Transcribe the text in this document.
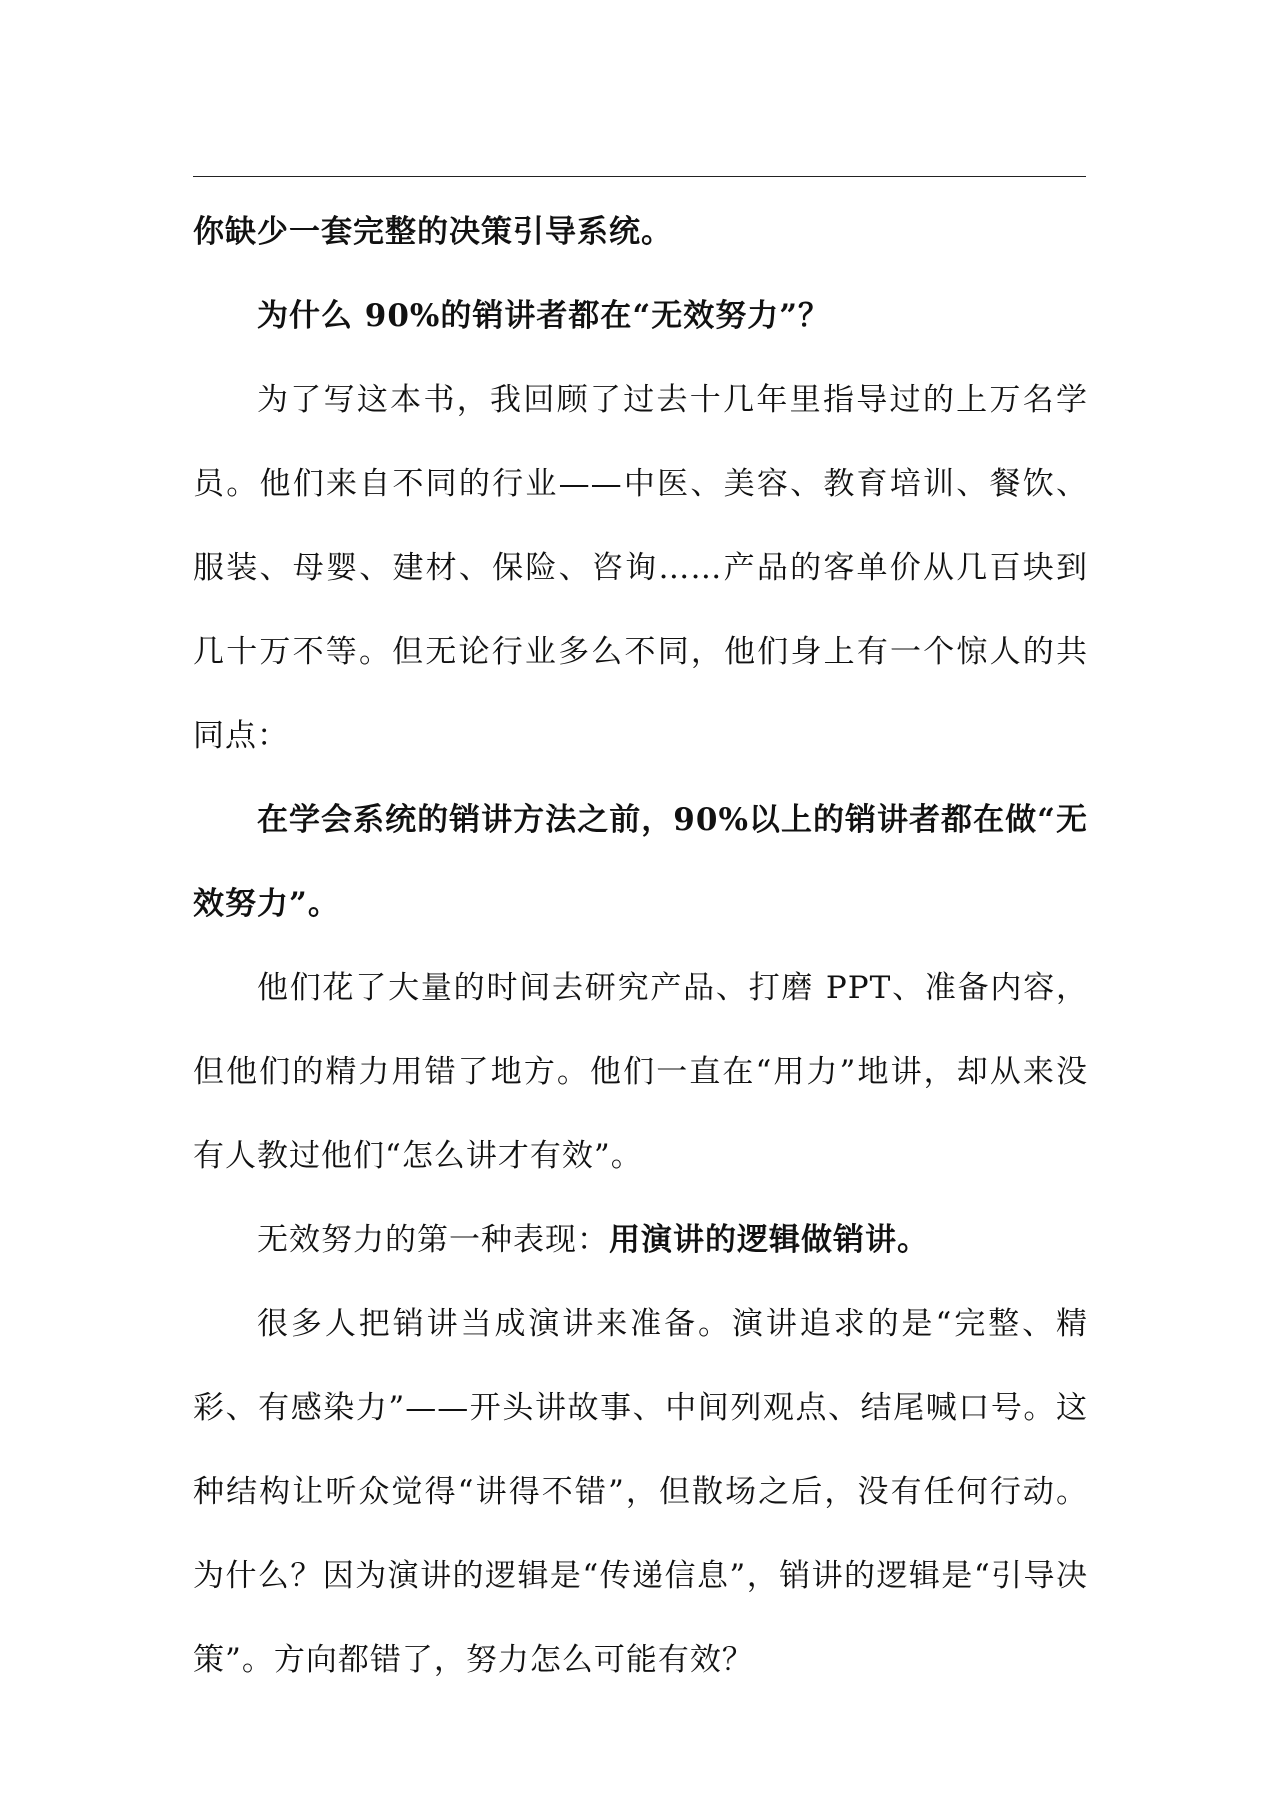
你缺少一套完整的决策引导系统。

为什么 90%的销讲者都在“无效努力”？

为了写这本书，我回顾了过去十几年里指导过的上万名学员。他们来自不同的行业——中医、美容、教育培训、餐饮、服装、母婴、建材、保险、咨询……产品的客单价从几百块到几十万不等。但无论行业多么不同，他们身上有一个惊人的共同点：

在学会系统的销讲方法之前，90%以上的销讲者都在做“无效努力”。

他们花了大量的时间去研究产品、打磨 PPT、准备内容，但他们的精力用错了地方。他们一直在“用力”地讲，却从来没有人教过他们“怎么讲才有效”。

无效努力的第一种表现：用演讲的逻辑做销讲。

很多人把销讲当成演讲来准备。演讲追求的是“完整、精彩、有感染力”——开头讲故事、中间列观点、结尾喊口号。这种结构让听众觉得“讲得不错”，但散场之后，没有任何行动。为什么？因为演讲的逻辑是“传递信息”，销讲的逻辑是“引导决策”。方向都错了，努力怎么可能有效？
